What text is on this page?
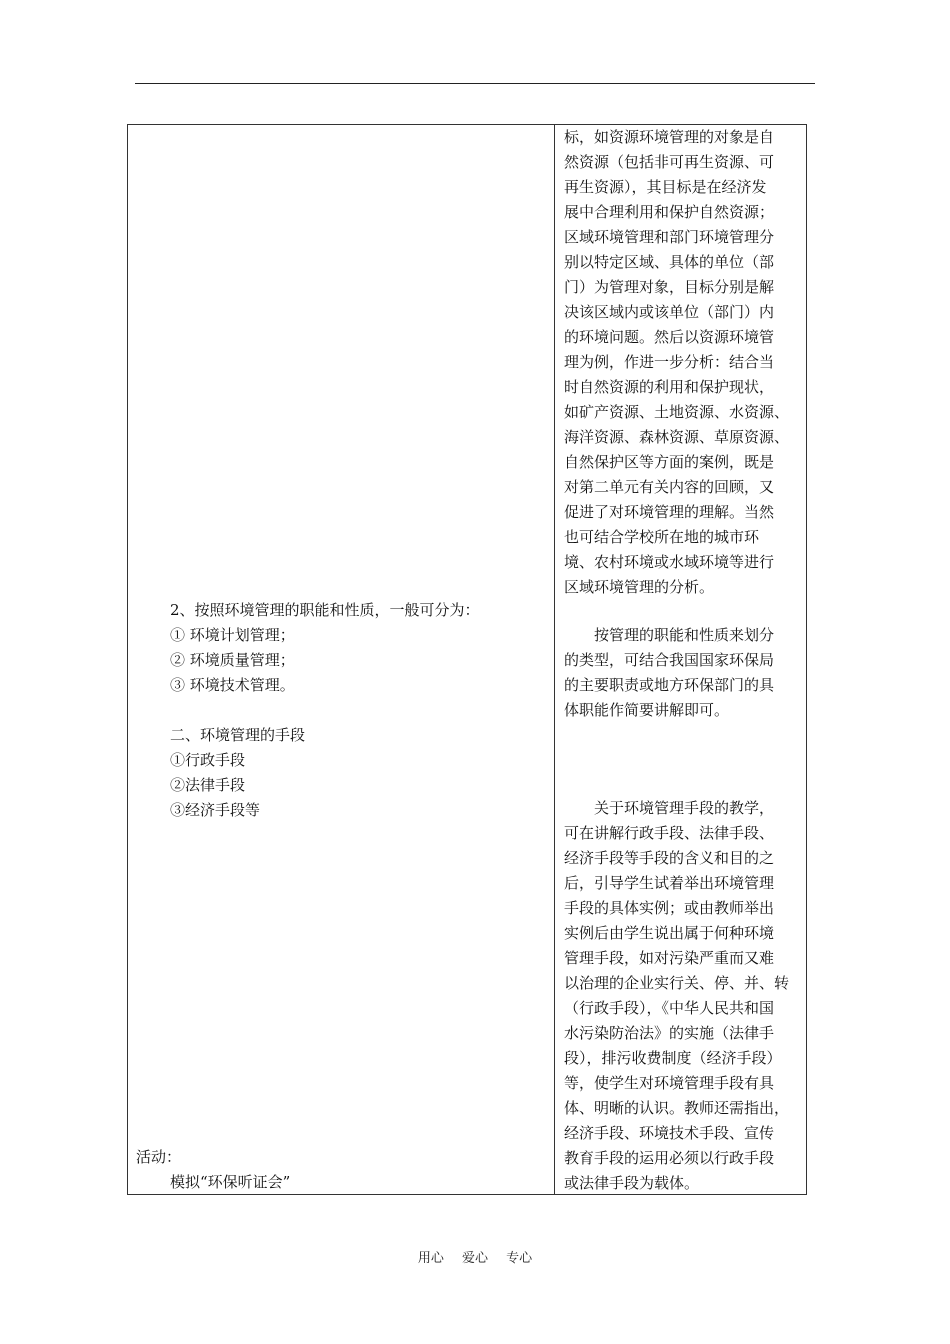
2、按照环境管理的职能和性质，一般可分为：
① 环境计划管理；
② 环境质量管理；
③ 环境技术管理。
二、环境管理的手段
①行政手段
②法律手段
③经济手段等
活动：
模拟“环保听证会”
标，如资源环境管理的对象是自
然资源（包括非可再生资源、可
再生资源），其目标是在经济发
展中合理利用和保护自然资源；
区域环境管理和部门环境管理分
别以特定区域、具体的单位（部
门）为管理对象，目标分别是解
决该区域内或该单位（部门）内
的环境问题。然后以资源环境管
理为例，作进一步分析：结合当
时自然资源的利用和保护现状，
如矿产资源、土地资源、水资源、
海洋资源、森林资源、草原资源、
自然保护区等方面的案例，既是
对第二单元有关内容的回顾，又
促进了对环境管理的理解。当然
也可结合学校所在地的城市环
境、农村环境或水域环境等进行
区域环境管理的分析。
按管理的职能和性质来划分
的类型，可结合我国国家环保局
的主要职责或地方环保部门的具
体职能作简要讲解即可。
关于环境管理手段的教学，
可在讲解行政手段、法律手段、
经济手段等手段的含义和目的之
后，引导学生试着举出环境管理
手段的具体实例；或由教师举出
实例后由学生说出属于何种环境
管理手段，如对污染严重而又难
以治理的企业实行关、停、并、转
（行政手段），《中华人民共和国
水污染防治法》的实施（法律手
段），排污收费制度（经济手段）
等，使学生对环境管理手段有具
体、明晰的认识。教师还需指出，
经济手段、环境技术手段、宣传
教育手段的运用必须以行政手段
或法律手段为载体。
用心 爱心 专心
